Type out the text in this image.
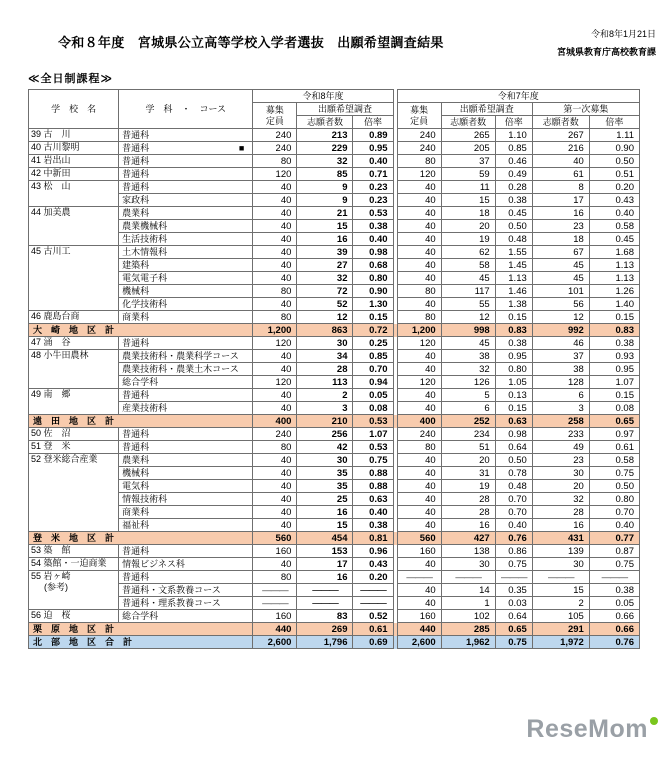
令和８年度　宮城県公立高等学校入学者選抜　出願希望調査結果
令和8年1月21日
宮城県教育庁高校教育課
≪全日制課程≫
学　校　名	学　科　・　コース	令和8年度				令和7年度				
		募集定員	出願希望調査			募集定員	出願希望調査		第一次募集	
			志願者数	倍率			志願者数	倍率	志願者数	倍率
39 古　川	普通科	240	213	0.89		240	265	1.10	267	1.11
40 古川黎明	普通科 ■	240	229	0.95		240	205	0.85	216	0.90
41 岩出山	普通科	80	32	0.40		80	37	0.46	40	0.50
42 中新田	普通科	120	85	0.71		120	59	0.49	61	0.51
43 松　山	普通科	40	9	0.23		40	11	0.28	8	0.20
	家政科	40	9	0.23		40	15	0.38	17	0.43
44 加美農	農業科	40	21	0.53		40	18	0.45	16	0.40
	農業機械科	40	15	0.38		40	20	0.50	23	0.58
	生活技術科	40	16	0.40		40	19	0.48	18	0.45
45 古川工	土木情報科	40	39	0.98		40	62	1.55	67	1.68
	建築科	40	27	0.68		40	58	1.45	45	1.13
	電気電子科	40	32	0.80		40	45	1.13	45	1.13
	機械科	80	72	0.90		80	117	1.46	101	1.26
	化学技術科	40	52	1.30		40	55	1.38	56	1.40
46 鹿島台商	商業科	80	12	0.15		80	12	0.15	12	0.15
大　崎　地　区　計		1,200	863	0.72		1,200	998	0.83	992	0.83
47 涌　谷	普通科	120	30	0.25		120	45	0.38	46	0.38
48 小牛田農林	農業技術科・農業科学コース	40	34	0.85		40	38	0.95	37	0.93
	農業技術科・農業土木コース	40	28	0.70		40	32	0.80	38	0.95
	総合学科	120	113	0.94		120	126	1.05	128	1.07
49 南　郷	普通科	40	2	0.05		40	5	0.13	6	0.15
	産業技術科	40	3	0.08		40	6	0.15	3	0.08
遠　田　地　区　計		400	210	0.53		400	252	0.63	258	0.65
50 佐　沼	普通科	240	256	1.07		240	234	0.98	233	0.97
51 登　米	普通科	80	42	0.53		80	51	0.64	49	0.61
52 登米総合産業	農業科	40	30	0.75		40	20	0.50	23	0.58
	機械科	40	35	0.88		40	31	0.78	30	0.75
	電気科	40	35	0.88		40	19	0.48	20	0.50
	情報技術科	40	25	0.63		40	28	0.70	32	0.80
	商業科	40	16	0.40		40	28	0.70	28	0.70
	福祉科	40	15	0.38		40	16	0.40	16	0.40
登　米　地　区　計		560	454	0.81		560	427	0.76	431	0.77
53 築　館	普通科	160	153	0.96		160	138	0.86	139	0.87
54 築館・一迫商業	情報ビジネス科	40	17	0.43		40	30	0.75	30	0.75
55 岩ヶ崎
(参考)	普通科	80	16	0.20		———	———	———	———	———
	普通科・文系教養コース	———	———	———		40	14	0.35	15	0.38
	普通科・理系教養コース	———	———	———		40	1	0.03	2	0.05
56 迫　桜	総合学科	160	83	0.52		160	102	0.64	105	0.66
栗　原　地　区　計		440	269	0.61		440	285	0.65	291	0.66
北　部　地　区　合　計		2,600	1,796	0.69		2,600	1,962	0.75	1,972	0.76
ReseMom
